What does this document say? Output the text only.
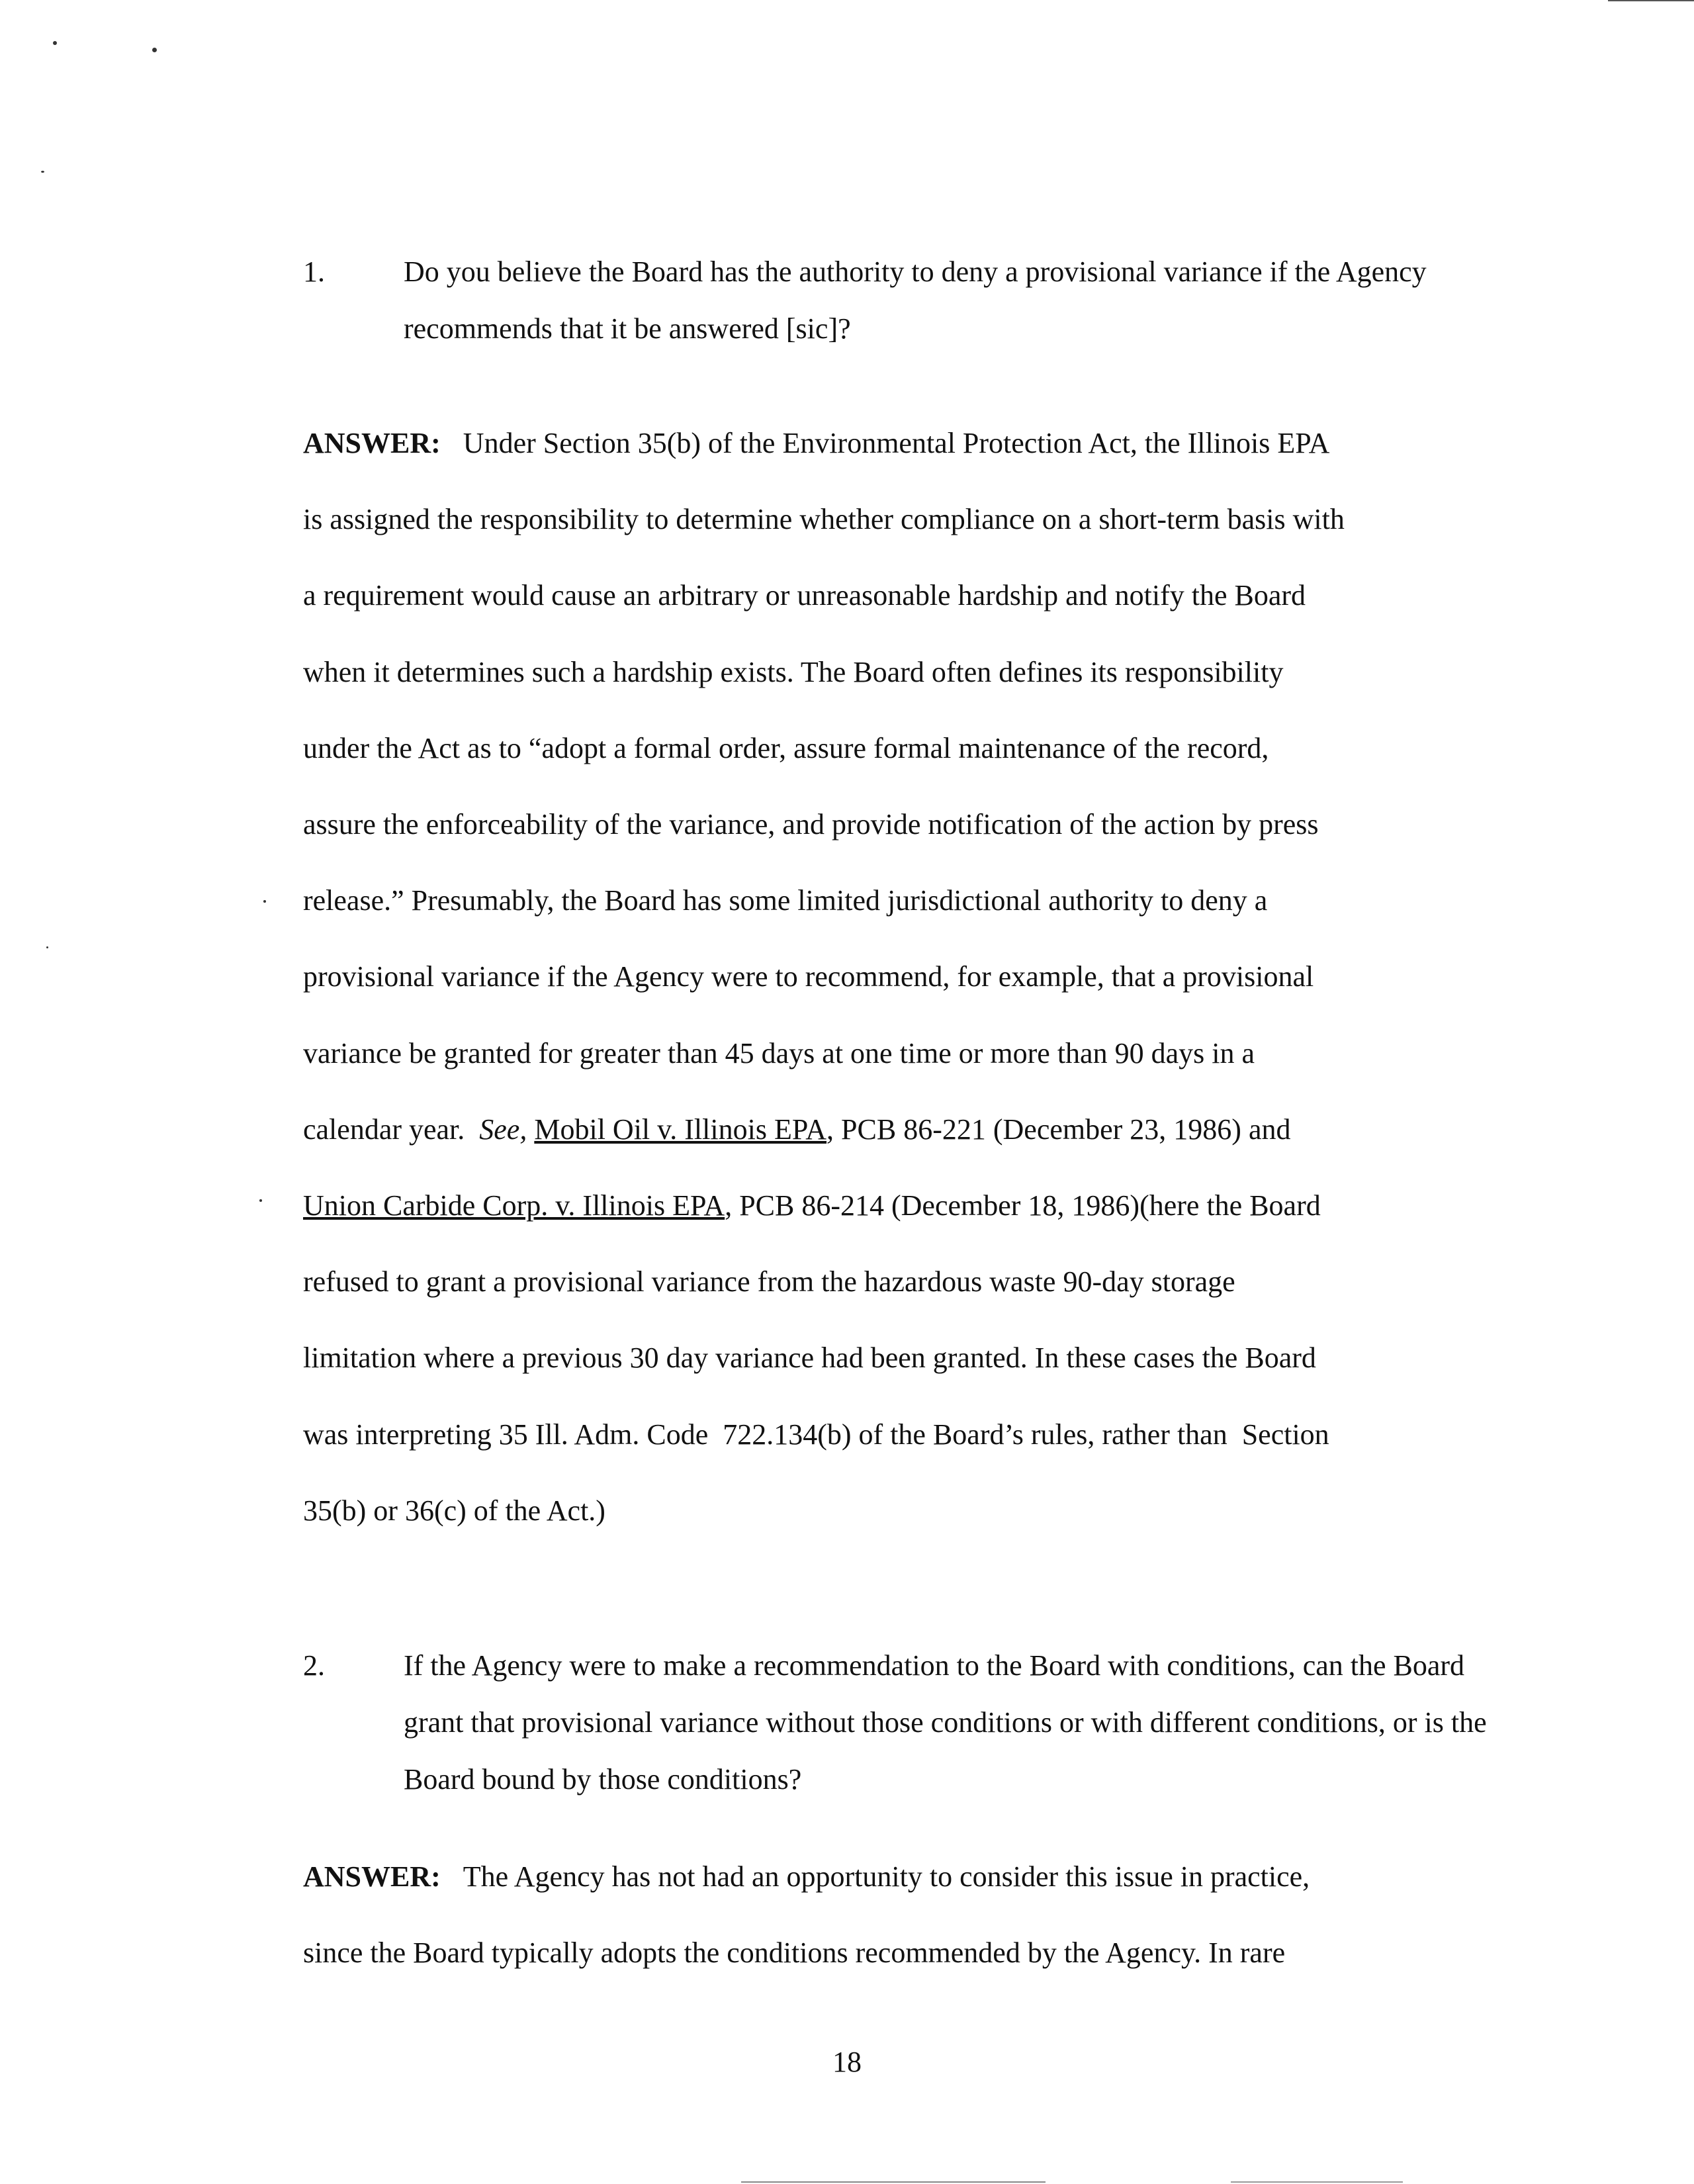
1.	Do you believe the Board has the authority to deny a provisional variance if the Agency recommends that it be answered [sic]?
ANSWER: Under Section 35(b) of the Environmental Protection Act, the Illinois EPA
is assigned the responsibility to determine whether compliance on a short-term basis with
a requirement would cause an arbitrary or unreasonable hardship and notify the Board
when it determines such a hardship exists. The Board often defines its responsibility
under the Act as to “adopt a formal order, assure formal maintenance of the record,
assure the enforceability of the variance, and provide notification of the action by press
release.” Presumably, the Board has some limited jurisdictional authority to deny a
provisional variance if the Agency were to recommend, for example, that a provisional
variance be granted for greater than 45 days at one time or more than 90 days in a
calendar year.  See, Mobil Oil v. Illinois EPA, PCB 86-221 (December 23, 1986) and
Union Carbide Corp. v. Illinois EPA, PCB 86-214 (December 18, 1986)(here the Board
refused to grant a provisional variance from the hazardous waste 90-day storage
limitation where a previous 30 day variance had been granted. In these cases the Board
was interpreting 35 Ill. Adm. Code  722.134(b) of the Board’s rules, rather than  Section
35(b) or 36(c) of the Act.)
2.	If the Agency were to make a recommendation to the Board with conditions, can the Board grant that provisional variance without those conditions or with different conditions, or is the Board bound by those conditions?
ANSWER: The Agency has not had an opportunity to consider this issue in practice,
since the Board typically adopts the conditions recommended by the Agency. In rare
18
